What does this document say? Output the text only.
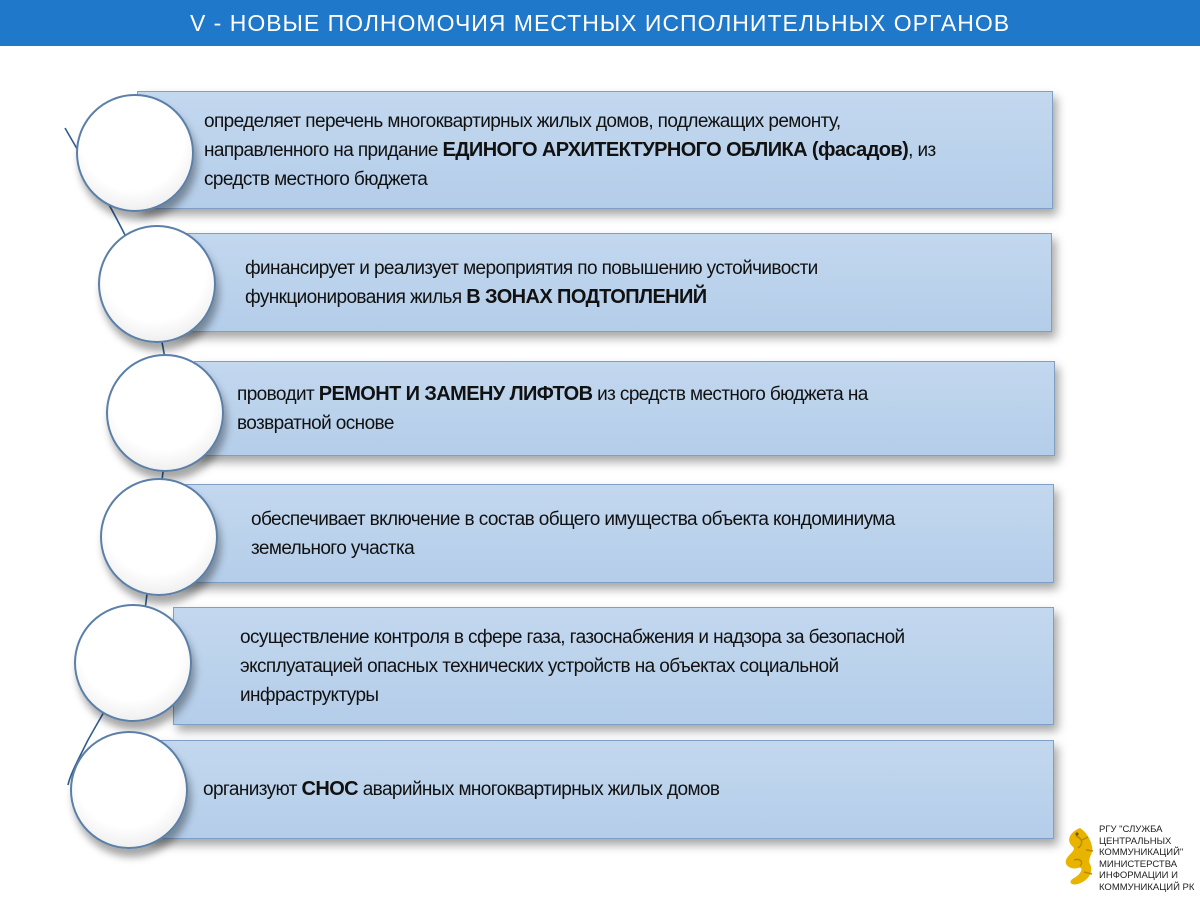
V - НОВЫЕ ПОЛНОМОЧИЯ МЕСТНЫХ ИСПОЛНИТЕЛЬНЫХ ОРГАНОВ
определяет перечень многоквартирных жилых домов, подлежащих ремонту,
направленного на придание ЕДИНОГО АРХИТЕКТУРНОГО ОБЛИКА (фасадов), из
средств местного бюджета
финансирует и реализует мероприятия по повышению устойчивости
функционирования жилья В ЗОНАХ ПОДТОПЛЕНИЙ
проводит РЕМОНТ И ЗАМЕНУ ЛИФТОВ из средств местного бюджета на
возвратной основе
обеспечивает включение в состав общего имущества объекта кондоминиума
земельного участка
осуществление контроля в сфере газа, газоснабжения и надзора за безопасной
эксплуатацией опасных технических устройств на объектах социальной
инфраструктуры
организуют СНОС аварийных многоквартирных жилых домов
РГУ "СЛУЖБА
ЦЕНТРАЛЬНЫХ
КОММУНИКАЦИЙ"
МИНИСТЕРСТВА
ИНФОРМАЦИИ И
КОММУНИКАЦИЙ РК
